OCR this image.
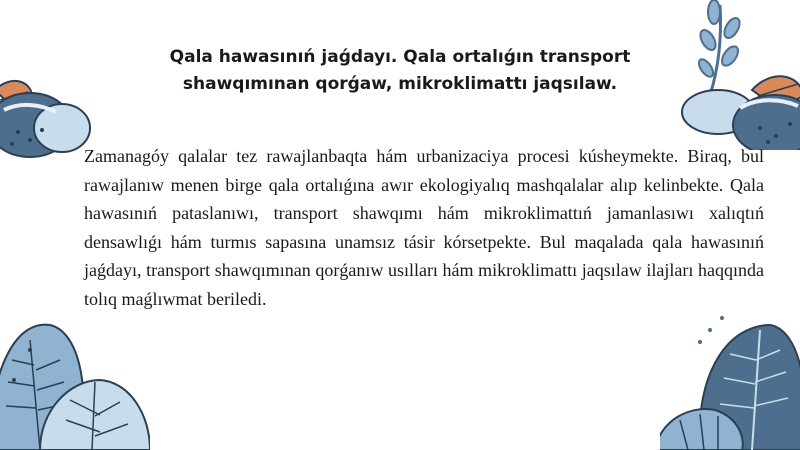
Qala hawasınıń jaǵdayı. Qala ortalıǵın transport
shawqımınan qorǵaw, mikroklimattı jaqsılaw.

Zamanagóy qalalar tez rawajlanbaqta hám urbanizaciya procesi kúsheymekte. Biraq, bul rawajlanıw menen birge qala ortalıǵına awır ekologiyalıq mashqalalar alıp kelinbekte. Qala hawasınıń pataslanıwı, transport shawqımı hám mikroklimattıń jamanlasıwı xalıqtıń densawlıǵı hám turmıs sapasına unamsız tásir kórsetpekte. Bul maqalada qala hawasınıń jaǵdayı, transport shawqımınan qorǵanıw usılları hám mikroklimattı jaqsılaw ilajları haqqında tolıq maǵlıwmat beriledi.
